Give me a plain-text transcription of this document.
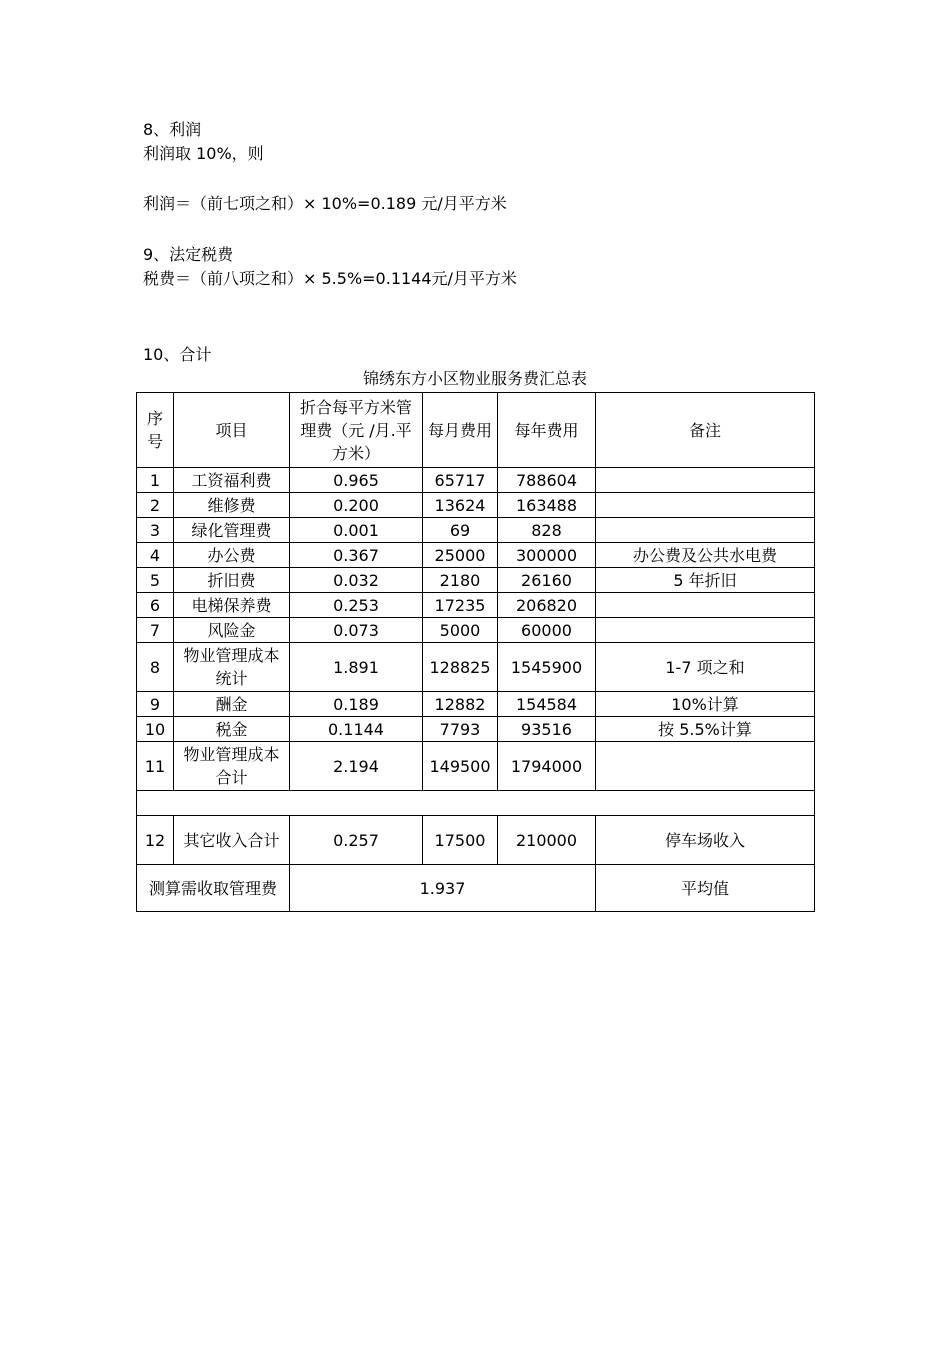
8、利润
利润取 10%，则
利润＝（前七项之和）× 10%=0.189 元/月平方米
9、法定税费
税费＝（前八项之和）× 5.5%=0.1144元/月平方米
10、合计
锦绣东方小区物业服务费汇总表
序号	项目	折合每平方米管理费（元 /月.平方米）	每月费用	每年费用	备注
1	工资福利费	0.965	65717	788604	
2	维修费	0.200	13624	163488	
3	绿化管理费	0.001	69	828	
4	办公费	0.367	25000	300000	办公费及公共水电费
5	折旧费	0.032	2180	26160	5 年折旧
6	电梯保养费	0.253	17235	206820	
7	风险金	0.073	5000	60000	
8	物业管理成本统计	1.891	128825	1545900	1-7 项之和
9	酬金	0.189	12882	154584	10%计算
10	税金	0.1144	7793	93516	按 5.5%计算
11	物业管理成本合计	2.194	149500	1794000	

12	其它收入合计	0.257	17500	210000	停车场收入
测算需收取管理费		1.937			平均值
